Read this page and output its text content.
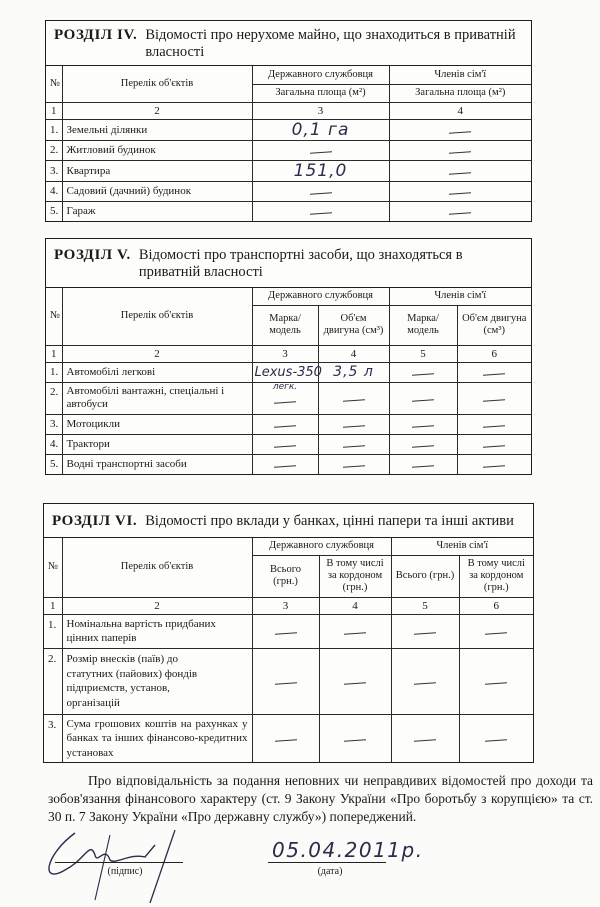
РОЗДІЛ IV. Відомості про нерухоме майно, що знаходиться в приватній власності
№	Перелік об'єктів	Державного службовця	Членів сім'ї
		Загальна площа (м²)	Загальна площа (м²)
1	2	3	4
1.	Земельні ділянки	0,1 га	
2.	Житловий будинок		
3.	Квартира	151,0	
4.	Садовий (дачний) будинок		
5.	Гараж		
РОЗДІЛ V. Відомості про транспортні засоби, що знаходяться в приватній власності
№	Перелік об'єктів	Державного службовця		Членів сім'ї	
		Марка/ модель	Об'єм двигуна (см³)	Марка/ модель	Об'єм двигуна (см³)
1	2	3	4	5	6
1.	Автомобілі легкові	Lexus-350	3,5 л		
2.	Автомобілі вантажні, спеціальні і автобуси	легк.			

3.	Мотоцикли				
4.	Трактори				
5.	Водні транспортні засоби				
РОЗДІЛ VI. Відомості про вклади у банках, цінні папери та інші активи
№	Перелік об'єктів	Державного службовця		Членів сім'ї	
		Всього (грн.)	В тому числі за кордоном (грн.)	Всього (грн.)	В тому числі за кордоном (грн.)
1	2	3	4	5	6
1.	Номінальна вартість придбаних цінних паперів				
2.	Розмір внесків (паїв) до статутних (пайових) фондів підприємств, установ, організацій				
3.	Сума грошових коштів на рахунках у банках та інших фінансово-кредитних установах				

Про відповідальність за подання неповних чи неправдивих відомостей про доходи та зобов'язання фінансового характеру (ст. 9 Закону України «Про боротьбу з корупцією» та ст. 30 п. 7 Закону України «Про державну службу») попереджений.

(підпис)
05.04.2011р.
(дата)
